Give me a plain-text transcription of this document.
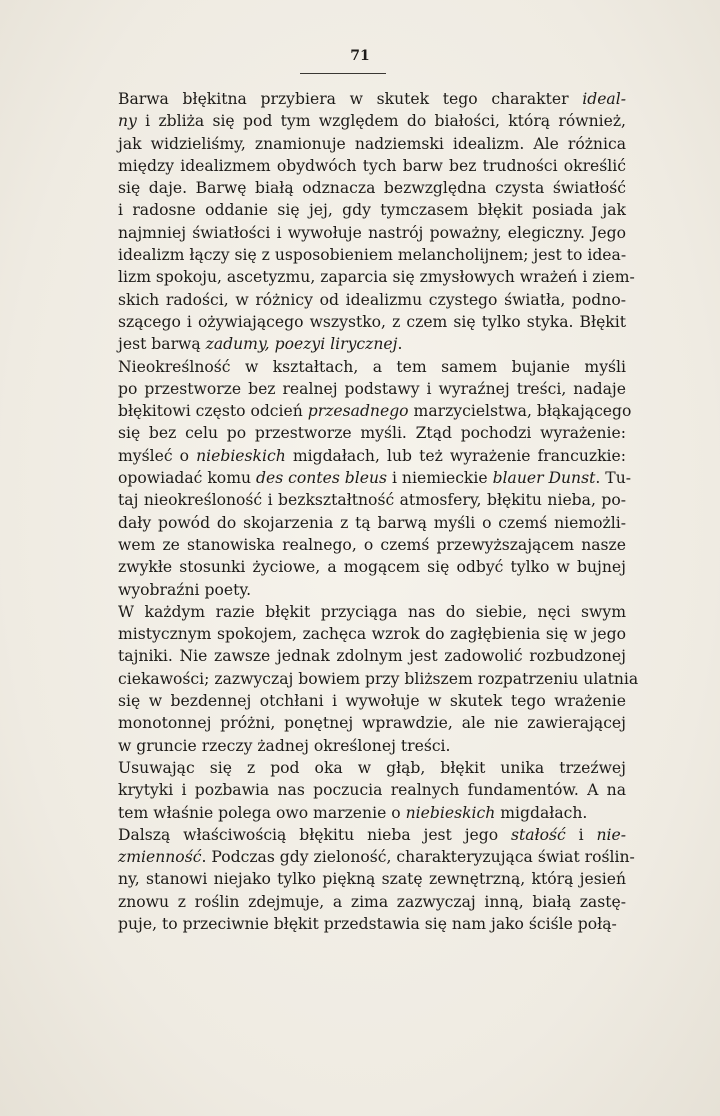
71

Barwa błękitna przybiera w skutek tego charakter ideal-
ny i zbliża się pod tym względem do białości, którą również,
jak widzieliśmy, znamionuje nadziemski idealizm. Ale różnica
między idealizmem obydwóch tych barw bez trudności określić
się daje. Barwę białą odznacza bezwzględna czysta światłość
i radosne oddanie się jej, gdy tymczasem błękit posiada jak
najmniej światłości i wywołuje nastrój poważny, elegiczny. Jego
idealizm łączy się z usposobieniem melancholijnem; jest to idea-
lizm spokoju, ascetyzmu, zaparcia się zmysłowych wrażeń i ziem-
skich radości, w różnicy od idealizmu czystego światła, podno-
szącego i ożywiającego wszystko, z czem się tylko styka. Błękit
jest barwą zadumy, poezyi lirycznej.

Nieokreślność w kształtach, a tem samem bujanie myśli
po przestworze bez realnej podstawy i wyraźnej treści, nadaje
błękitowi często odcień przesadnego marzycielstwa, błąkającego
się bez celu po przestworze myśli. Ztąd pochodzi wyrażenie:
myśleć o niebieskich migdałach, lub też wyrażenie francuzkie:
opowiadać komu des contes bleus i niemieckie blauer Dunst. Tu-
taj nieokreśloność i bezkształtność atmosfery, błękitu nieba, po-
dały powód do skojarzenia z tą barwą myśli o czemś niemożli-
wem ze stanowiska realnego, o czemś przewyższającem nasze
zwykłe stosunki życiowe, a mogącem się odbyć tylko w bujnej
wyobraźni poety.

W każdym razie błękit przyciąga nas do siebie, nęci swym
mistycznym spokojem, zachęca wzrok do zagłębienia się w jego
tajniki. Nie zawsze jednak zdolnym jest zadowolić rozbudzonej
ciekawości; zazwyczaj bowiem przy bliższem rozpatrzeniu ulatnia
się w bezdennej otchłani i wywołuje w skutek tego wrażenie
monotonnej próżni, ponętnej wprawdzie, ale nie zawierającej
w gruncie rzeczy żadnej określonej treści.

Usuwając się z pod oka w głąb, błękit unika trzeźwej
krytyki i pozbawia nas poczucia realnych fundamentów. A na
tem właśnie polega owo marzenie o niebieskich migdałach.

Dalszą właściwością błękitu nieba jest jego stałość i nie-
zmienność. Podczas gdy zieloność, charakteryzująca świat roślin-
ny, stanowi niejako tylko piękną szatę zewnętrzną, którą jesień
znowu z roślin zdejmuje, a zima zazwyczaj inną, białą zastę-
puje, to przeciwnie błękit przedstawia się nam jako ściśle połą-
